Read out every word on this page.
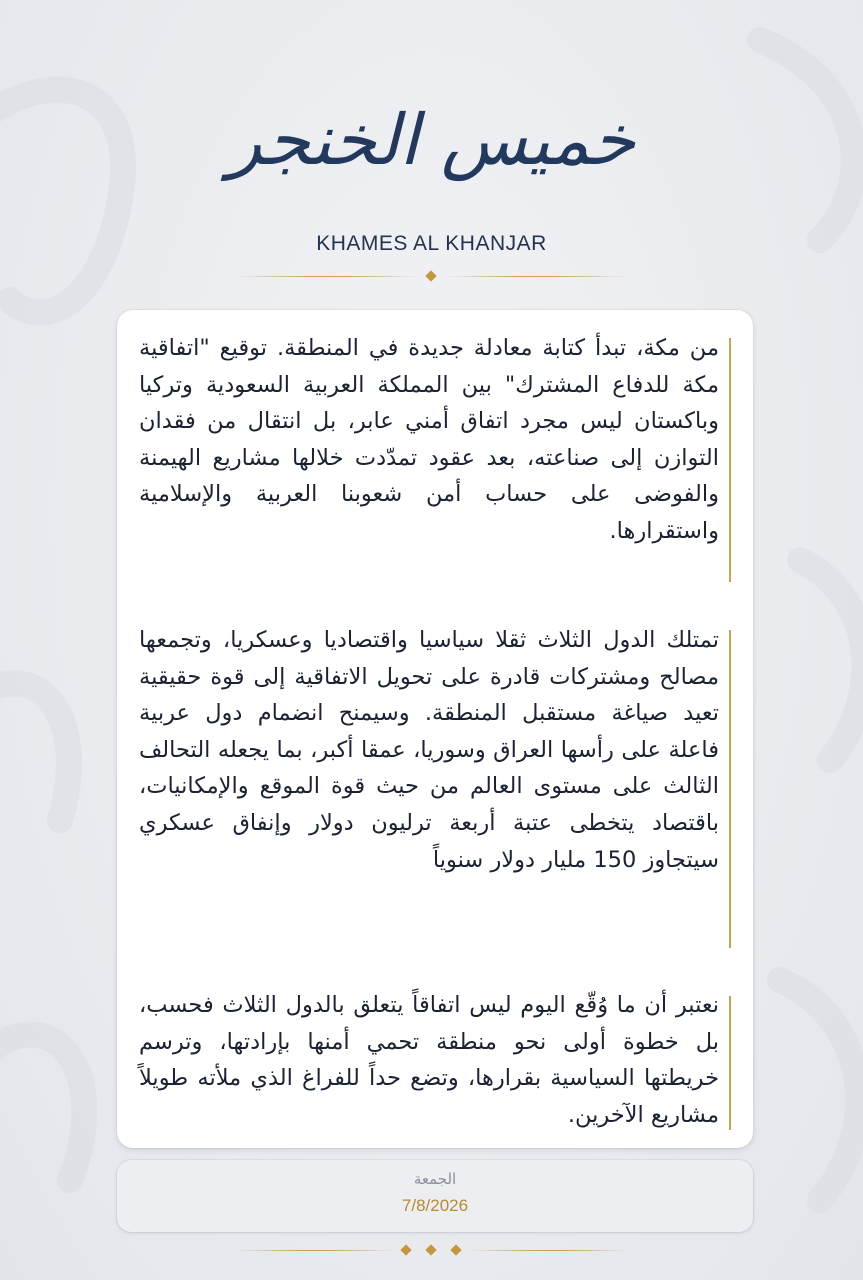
خميس الخنجر
KHAMES AL KHANJAR
من مكة، تبدأ كتابة معادلة جديدة في المنطقة. توقيع "اتفاقية مكة للدفاع المشترك" بين المملكة العربية السعودية وتركيا وباكستان ليس مجرد اتفاق أمني عابر، بل انتقال من فقدان التوازن إلى صناعته، بعد عقود تمدّدت خلالها مشاريع الهيمنة والفوضى على حساب أمن شعوبنا العربية والإسلامية واستقرارها.
تمتلك الدول الثلاث ثقلا سياسيا واقتصاديا وعسكريا، وتجمعها مصالح ومشتركات قادرة على تحويل الاتفاقية إلى قوة حقيقية تعيد صياغة مستقبل المنطقة. وسيمنح انضمام دول عربية فاعلة على رأسها العراق وسوريا، عمقا أكبر، بما يجعله التحالف الثالث على مستوى العالم من حيث قوة الموقع والإمكانيات، باقتصاد يتخطى عتبة أربعة ترليون دولار وإنفاق عسكري سيتجاوز 150 مليار دولار سنوياً
نعتبر أن ما وُقّع اليوم ليس اتفاقاً يتعلق بالدول الثلاث فحسب، بل خطوة أولى نحو منطقة تحمي أمنها بإرادتها، وترسم خريطتها السياسية بقرارها، وتضع حداً للفراغ الذي ملأته طويلاً مشاريع الآخرين.
الجمعة
7/8/2026
